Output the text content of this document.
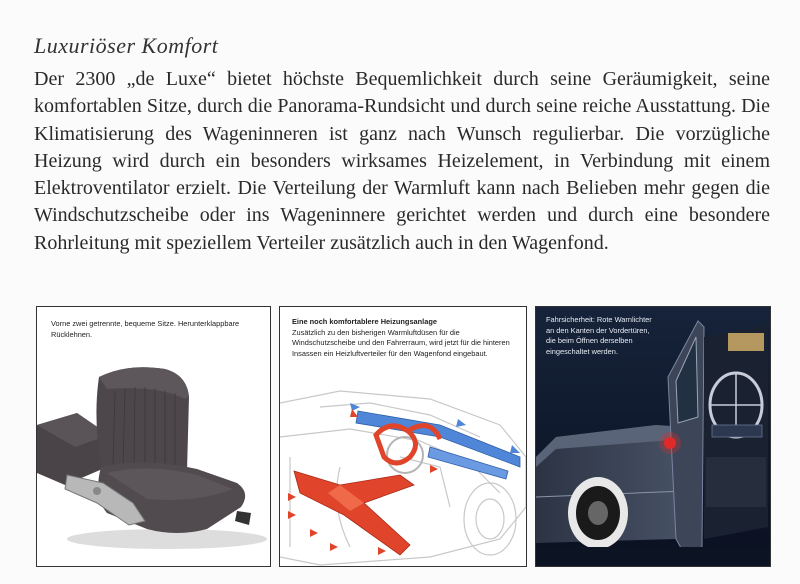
Luxuriöser Komfort

Der 2300 „de Luxe“ bietet höchste Bequemlichkeit durch seine Geräumigkeit, seine komfortablen Sitze, durch die Panorama-Rundsicht und durch seine reiche Ausstattung. Die Klimatisierung des Wageninneren ist ganz nach Wunsch regulierbar. Die vorzügliche Heizung wird durch ein besonders wirksames Heizelement, in Verbindung mit einem Elektroventilator erzielt. Die Verteilung der Warmluft kann nach Belieben mehr gegen die Windschutzscheibe oder ins Wageninnere gerichtet werden und durch eine besondere Rohrleitung mit speziellem Verteiler zusätzlich auch in den Wagenfond.

Vorne zwei getrennte, bequeme Sitze. Herunterklappbare Rücklehnen.

Eine noch komfortablere Heizungsanlage
Zusätzlich zu den bisherigen Warmluftdüsen für die Windschutzscheibe und den Fahrerraum, wird jetzt für die hinteren Insassen ein Heizluftverteiler für den Wagenfond eingebaut.

Fahrsicherheit: Rote Warnlichter an den Kanten der Vordertüren, die beim Öffnen derselben eingeschaltet werden.
